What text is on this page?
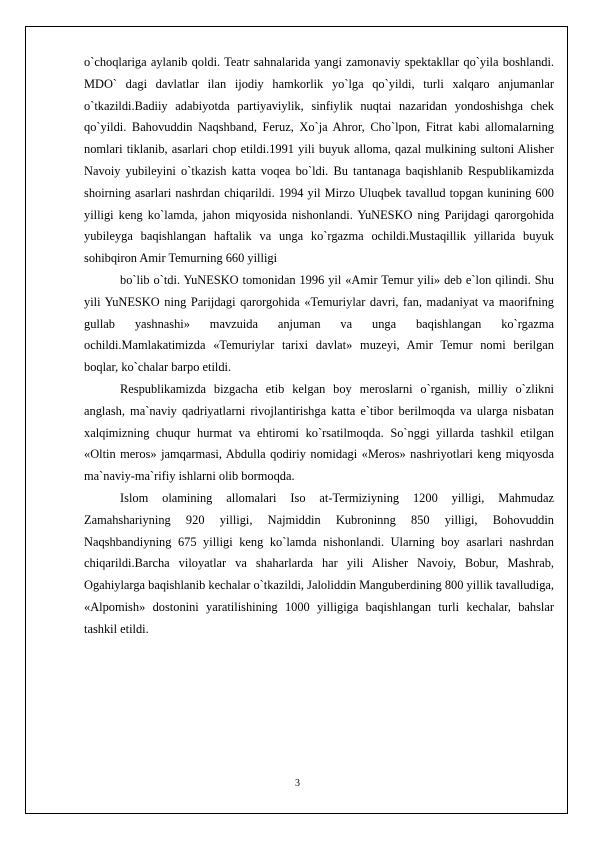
o`choqlariga aylanib qoldi. Teatr sahnalarida yangi zamonaviy spektakllar qo`yila boshlandi. MDO` dagi davlatlar ilan ijodiy hamkorlik yo`lga qo`yildi, turli xalqaro anjumanlar o`tkazildi.Badiiy adabiyotda partiyaviylik, sinfiylik nuqtai nazaridan yondoshishga chek qo`yildi. Bahovuddin Naqshband, Feruz, Xo`ja Ahror, Cho`lpon, Fitrat kabi allomalarning nomlari tiklanib, asarlari chop etildi.1991 yili buyuk alloma, qazal mulkining sultoni Alisher Navoiy yubileyini o`tkazish katta voqea bo`ldi. Bu tantanaga baqishlanib Respublikamizda shoirning asarlari nashrdan chiqarildi. 1994 yil Mirzo Uluqbek tavallud topgan kunining 600 yilligi keng ko`lamda, jahon miqyosida nishonlandi. YuNESKO ning Parijdagi qarorgohida yubileyga baqishlangan haftalik va unga ko`rgazma ochildi.Mustaqillik yillarida buyuk sohibqiron Amir Temurning 660 yilligi

bo`lib o`tdi. YuNESKO tomonidan 1996 yil «Amir Temur yili» deb e`lon qilindi. Shu yili YuNESKO ning Parijdagi qarorgohida «Temuriylar davri, fan, madaniyat va maorifning gullab yashnashi» mavzuida anjuman va unga baqishlangan ko`rgazma ochildi.Mamlakatimizda «Temuriylar tarixi davlat» muzeyi, Amir Temur nomi berilgan boqlar, ko`chalar barpo etildi.

Respublikamizda bizgacha etib kelgan boy meroslarni o`rganish, milliy o`zlikni anglash, ma`naviy qadriyatlarni rivojlantirishga katta e`tibor berilmoqda va ularga nisbatan xalqimizning chuqur hurmat va ehtiromi ko`rsatilmoqda. So`nggi yillarda tashkil etilgan «Oltin meros» jamqarmasi, Abdulla qodiriy nomidagi «Meros» nashriyotlari keng miqyosda ma`naviy-ma`rifiy ishlarni olib bormoqda.

Islom olamining allomalari Iso at-Termiziyning 1200 yilligi, Mahmudaz Zamahshariyning 920 yilligi, Najmiddin Kubroninng 850 yilligi, Bohovuddin Naqshbandiyning 675 yilligi keng ko`lamda nishonlandi. Ularning boy asarlari nashrdan chiqarildi.Barcha viloyatlar va shaharlarda har yili Alisher Navoiy, Bobur, Mashrab, Ogahiylarga baqishlanib kechalar o`tkazildi, Jaloliddin Manguberdining 800 yillik tavalludiga, «Alpomish» dostonini yaratilishining 1000 yilligiga baqishlangan turli kechalar, bahslar tashkil etildi.

3
